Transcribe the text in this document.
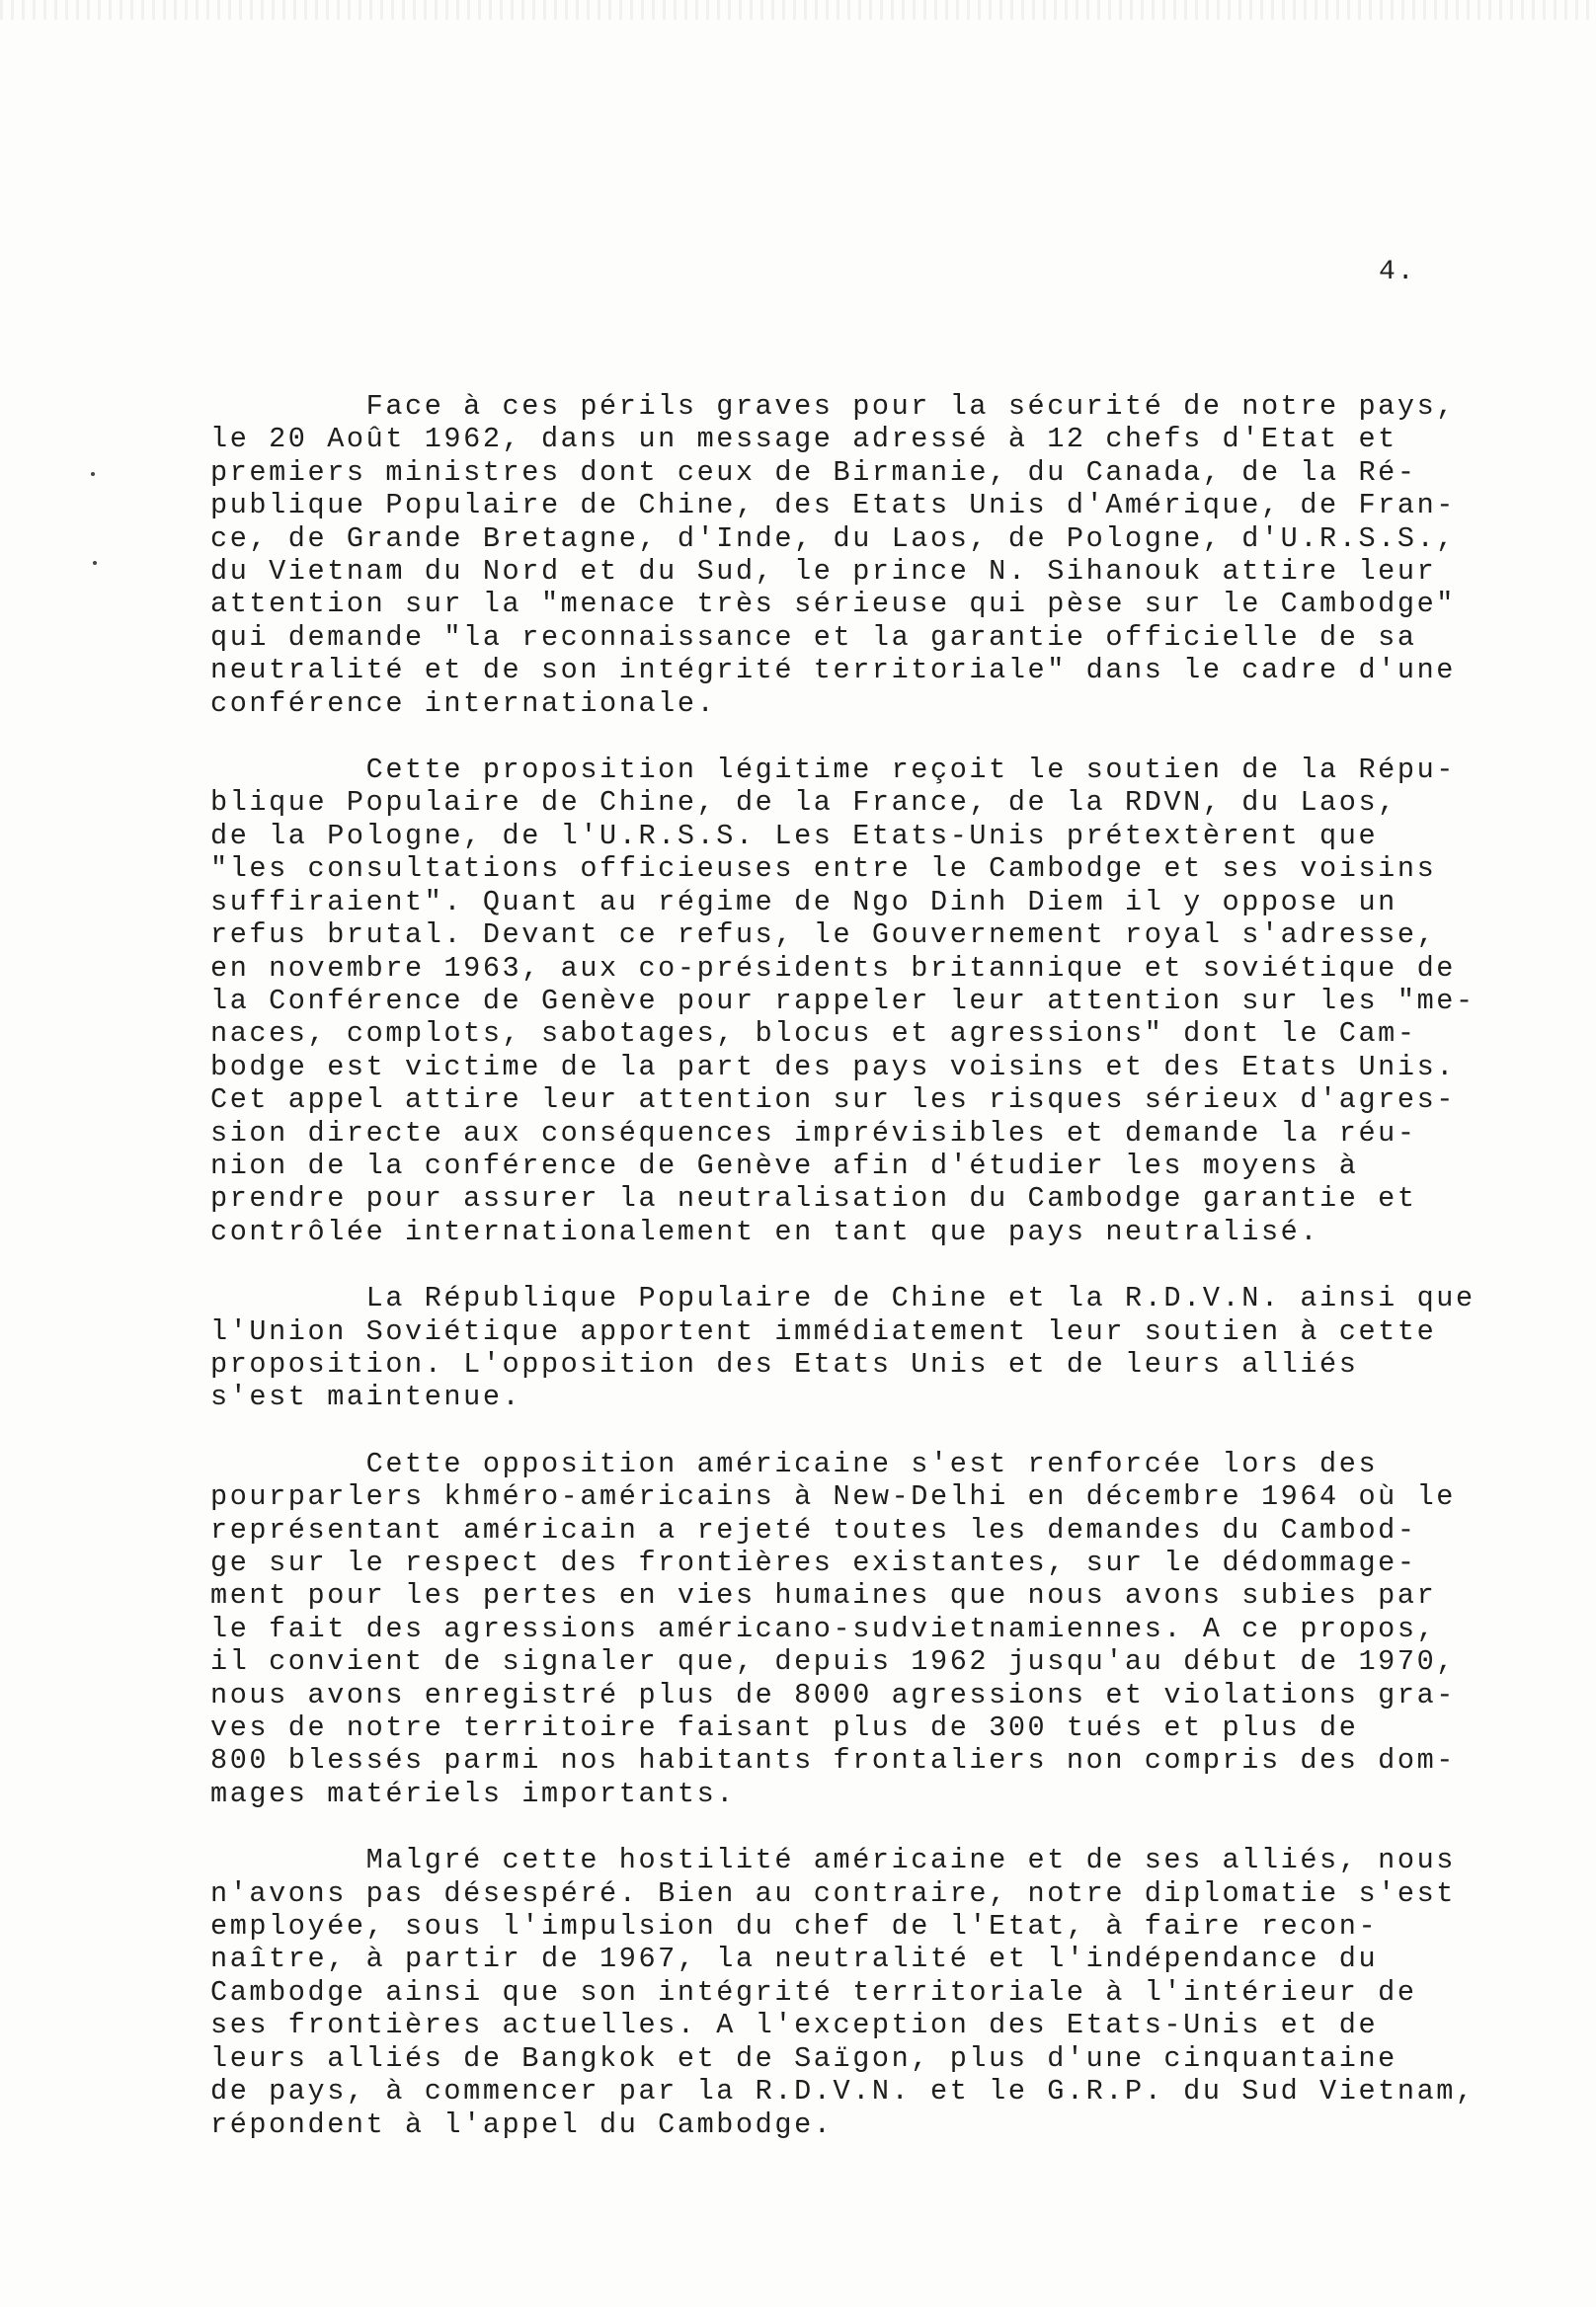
4.
Face à ces périls graves pour la sécurité de notre pays,
le 20 Août 1962, dans un message adressé à 12 chefs d'Etat et
premiers ministres dont ceux de Birmanie, du Canada, de la Ré-
publique Populaire de Chine, des Etats Unis d'Amérique, de Fran-
ce, de Grande Bretagne, d'Inde, du Laos, de Pologne, d'U.R.S.S.,
du Vietnam du Nord et du Sud, le prince N. Sihanouk attire leur
attention sur la "menace très sérieuse qui pèse sur le Cambodge"
qui demande "la reconnaissance et la garantie officielle de sa
neutralité et de son intégrité territoriale" dans le cadre d'une
conférence internationale.
Cette proposition légitime reçoit le soutien de la Répu-
blique Populaire de Chine, de la France, de la RDVN, du Laos,
de la Pologne, de l'U.R.S.S. Les Etats-Unis prétextèrent que
"les consultations officieuses entre le Cambodge et ses voisins
suffiraient". Quant au régime de Ngo Dinh Diem il y oppose un
refus brutal. Devant ce refus, le Gouvernement royal s'adresse,
en novembre 1963, aux co-présidents britannique et soviétique de
la Conférence de Genève pour rappeler leur attention sur les "me-
naces, complots, sabotages, blocus et agressions" dont le Cam-
bodge est victime de la part des pays voisins et des Etats Unis.
Cet appel attire leur attention sur les risques sérieux d'agres-
sion directe aux conséquences imprévisibles et demande la réu-
nion de la conférence de Genève afin d'étudier les moyens à
prendre pour assurer la neutralisation du Cambodge garantie et
contrôlée internationalement en tant que pays neutralisé.
La République Populaire de Chine et la R.D.V.N. ainsi que
l'Union Soviétique apportent immédiatement leur soutien à cette
proposition. L'opposition des Etats Unis et de leurs alliés
s'est maintenue.
Cette opposition américaine s'est renforcée lors des
pourparlers khméro-américains à New-Delhi en décembre 1964 où le
représentant américain a rejeté toutes les demandes du Cambod-
ge sur le respect des frontières existantes, sur le dédommage-
ment pour les pertes en vies humaines que nous avons subies par
le fait des agressions américano-sudvietnamiennes. A ce propos,
il convient de signaler que, depuis 1962 jusqu'au début de 1970,
nous avons enregistré plus de 8000 agressions et violations gra-
ves de notre territoire faisant plus de 300 tués et plus de
800 blessés parmi nos habitants frontaliers non compris des dom-
mages matériels importants.
Malgré cette hostilité américaine et de ses alliés, nous
n'avons pas désespéré. Bien au contraire, notre diplomatie s'est
employée, sous l'impulsion du chef de l'Etat, à faire recon-
naître, à partir de 1967, la neutralité et l'indépendance du
Cambodge ainsi que son intégrité territoriale à l'intérieur de
ses frontières actuelles. A l'exception des Etats-Unis et de
leurs alliés de Bangkok et de Saïgon, plus d'une cinquantaine
de pays, à commencer par la R.D.V.N. et le G.R.P. du Sud Vietnam,
répondent à l'appel du Cambodge.
